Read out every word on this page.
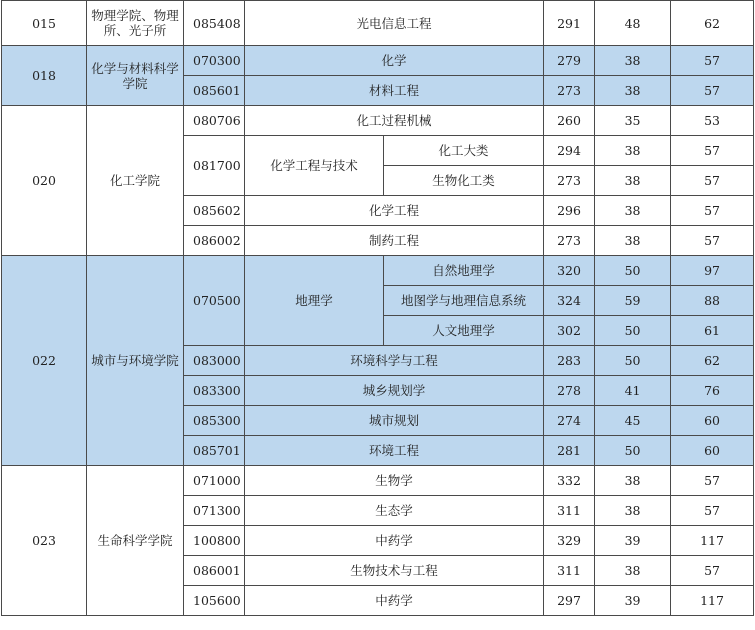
015	物理学院、物理所、光子所	085408	光电信息工程		291	48	62
018	化学与材料科学学院	070300	化学		279	38	57
		085601	材料工程		273	38	57
020	化工学院	080706	化工过程机械		260	35	53
		081700	化学工程与技术	化工大类	294	38	57
				生物化工类	273	38	57
		085602	化学工程		296	38	57
		086002	制药工程		273	38	57
022	城市与环境学院	070500	地理学	自然地理学	320	50	97
				地图学与地理信息系统	324	59	88
				人文地理学	302	50	61
		083000	环境科学与工程		283	50	62
		083300	城乡规划学		278	41	76
		085300	城市规划		274	45	60
		085701	环境工程		281	50	60
023	生命科学学院	071000	生物学		332	38	57
		071300	生态学		311	38	57
		100800	中药学		329	39	117
		086001	生物技术与工程		311	38	57
		105600	中药学		297	39	117
